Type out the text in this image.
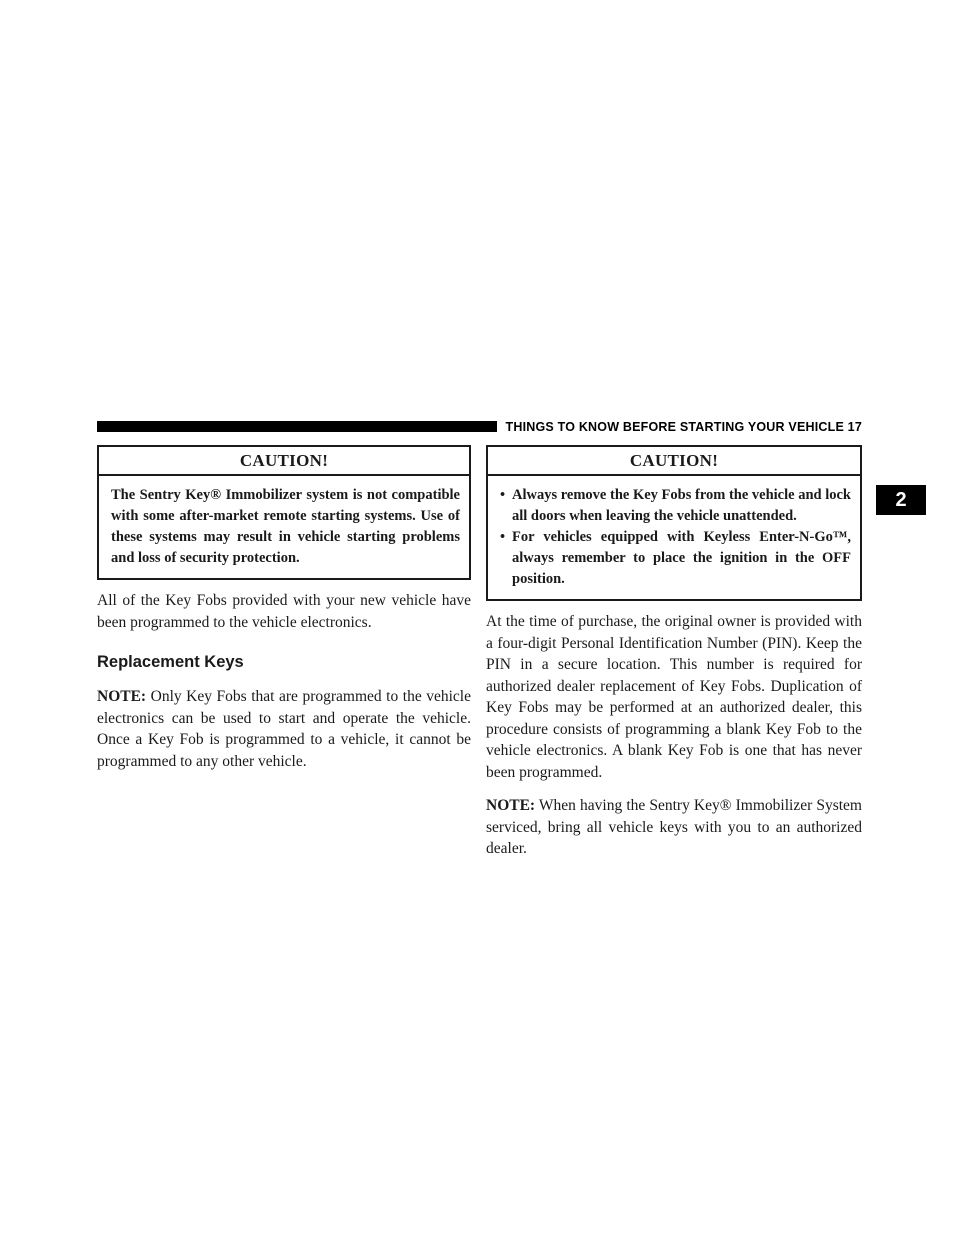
THINGS TO KNOW BEFORE STARTING YOUR VEHICLE 17
2
CAUTION!
The Sentry Key® Immobilizer system is not compatible with some after-market remote starting systems. Use of these systems may result in vehicle starting problems and loss of security protection.

All of the Key Fobs provided with your new vehicle have been programmed to the vehicle electronics.

Replacement Keys

NOTE: Only Key Fobs that are programmed to the vehicle electronics can be used to start and operate the vehicle. Once a Key Fob is programmed to a vehicle, it cannot be programmed to any other vehicle.

CAUTION!
• Always remove the Key Fobs from the vehicle and lock all doors when leaving the vehicle unattended.
• For vehicles equipped with Keyless Enter-N-Go™, always remember to place the ignition in the OFF position.

At the time of purchase, the original owner is provided with a four-digit Personal Identification Number (PIN). Keep the PIN in a secure location. This number is required for authorized dealer replacement of Key Fobs. Duplication of Key Fobs may be performed at an authorized dealer, this procedure consists of programming a blank Key Fob to the vehicle electronics. A blank Key Fob is one that has never been programmed.

NOTE: When having the Sentry Key® Immobilizer System serviced, bring all vehicle keys with you to an authorized dealer.
